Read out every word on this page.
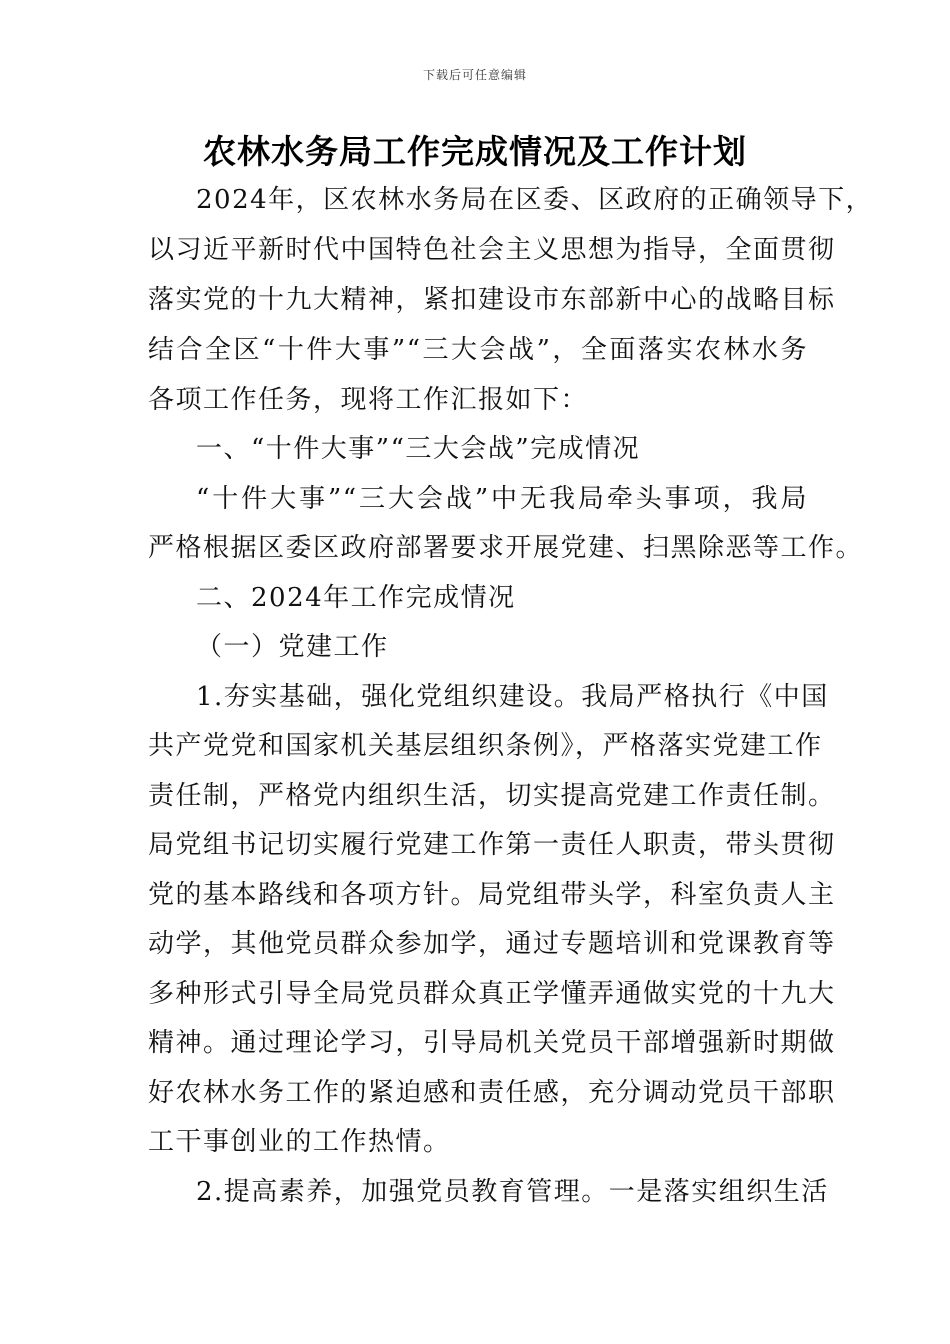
下载后可任意编辑
农林水务局工作完成情况及工作计划
2024年，区农林水务局在区委、区政府的正确领导下，
以习近平新时代中国特色社会主义思想为指导，全面贯彻
落实党的十九大精神，紧扣建设市东部新中心的战略目标
结合全区“十件大事”“三大会战”，全面落实农林水务
各项工作任务，现将工作汇报如下：
一、“十件大事”“三大会战”完成情况
“十件大事”“三大会战”中无我局牵头事项，我局
严格根据区委区政府部署要求开展党建、扫黑除恶等工作。
二、2024年工作完成情况
（一）党建工作
1.夯实基础，强化党组织建设。我局严格执行《中国
共产党党和国家机关基层组织条例》，严格落实党建工作
责任制，严格党内组织生活，切实提高党建工作责任制。
局党组书记切实履行党建工作第一责任人职责，带头贯彻
党的基本路线和各项方针。局党组带头学，科室负责人主
动学，其他党员群众参加学，通过专题培训和党课教育等
多种形式引导全局党员群众真正学懂弄通做实党的十九大
精神。通过理论学习，引导局机关党员干部增强新时期做
好农林水务工作的紧迫感和责任感，充分调动党员干部职
工干事创业的工作热情。
2.提高素养，加强党员教育管理。一是落实组织生活
